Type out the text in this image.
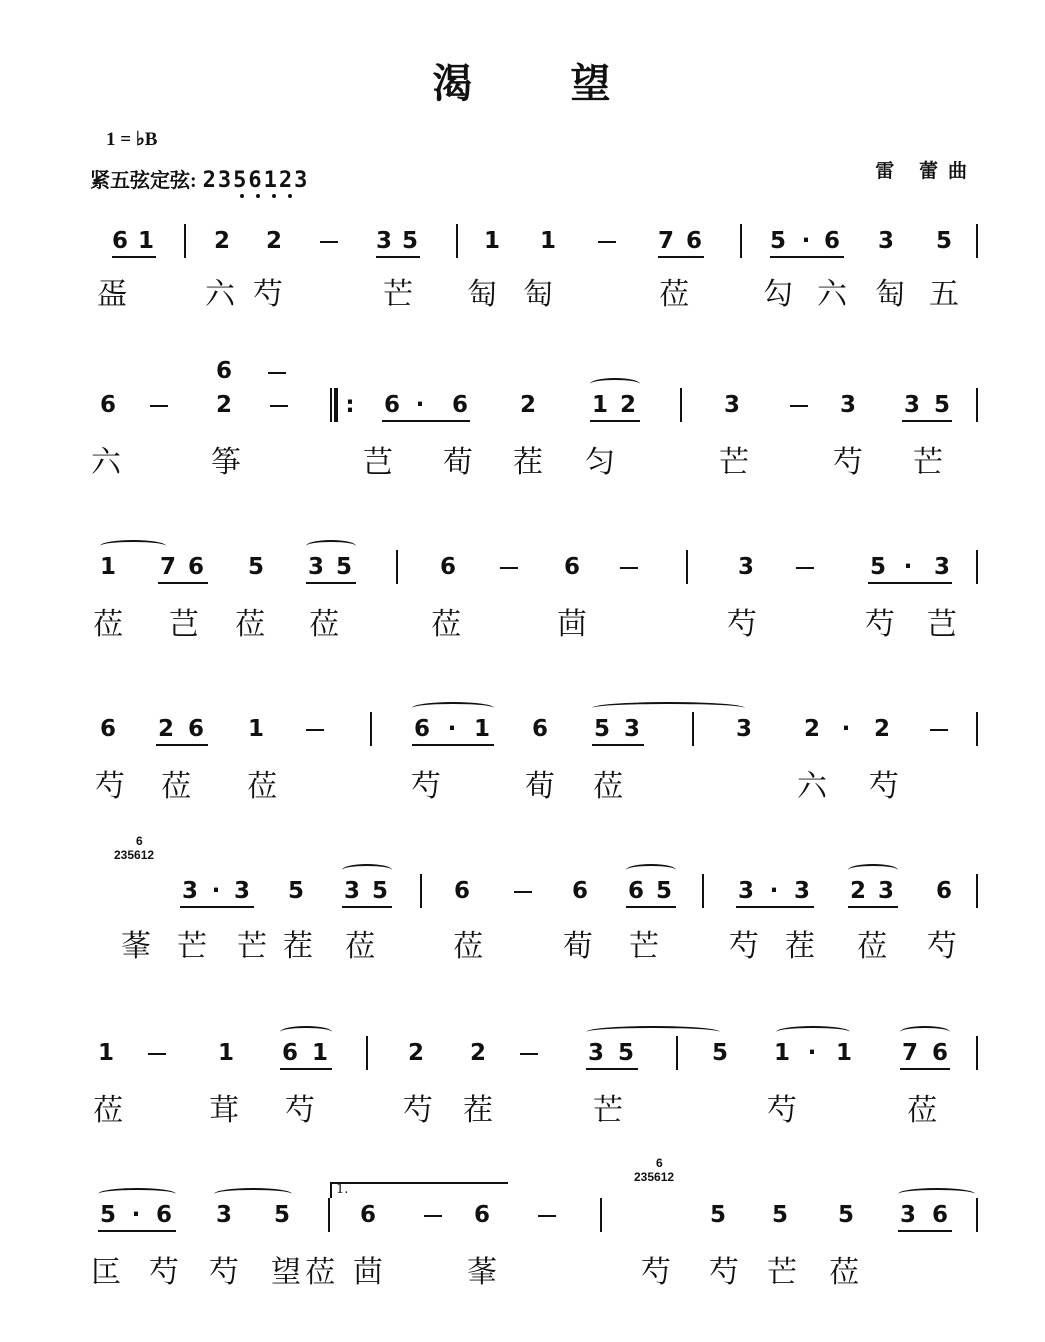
渴 望
1 = ♭B
紧五弦定弦: 2356123	雷 蕾曲
6 1	2 2	3 5	1 1	7 6	5 · 6 3 5
㿿	六 芍	芒 匋 匋	莅 勾 六 匋 五
6	2	6 · 6 2 1 2	3	3 3 5
六	筝	芑 荀 茬 匀	芒	芍 芒
1 7 6 5 3 5	6	6	3	5 · 3
莅 芑 莅 莅	莅	茴	芍	芍 芑
6 2 6 1	6 · 1 6 5 3	3 2 · 2
芍 莅 莅	芍	荀 莅	六 芍
3 · 3 5 3 5	6	6 6 5	3 · 3 2 3 6
莑 芒 芒 茬 莅	莅	荀 芒 芍 茬 莅 芍
1	1 6 1	2 2	3 5	5 1 · 1 7 6
莅	茸 芍	芍 茬	芒	芍	莅
5 · 6 3 5	6	6	5 5 5 3 6
匞 芍 芍 望 莅 茴	莑	芍 芍 芒 莅
:
6
6
235612
6
235612
1.
